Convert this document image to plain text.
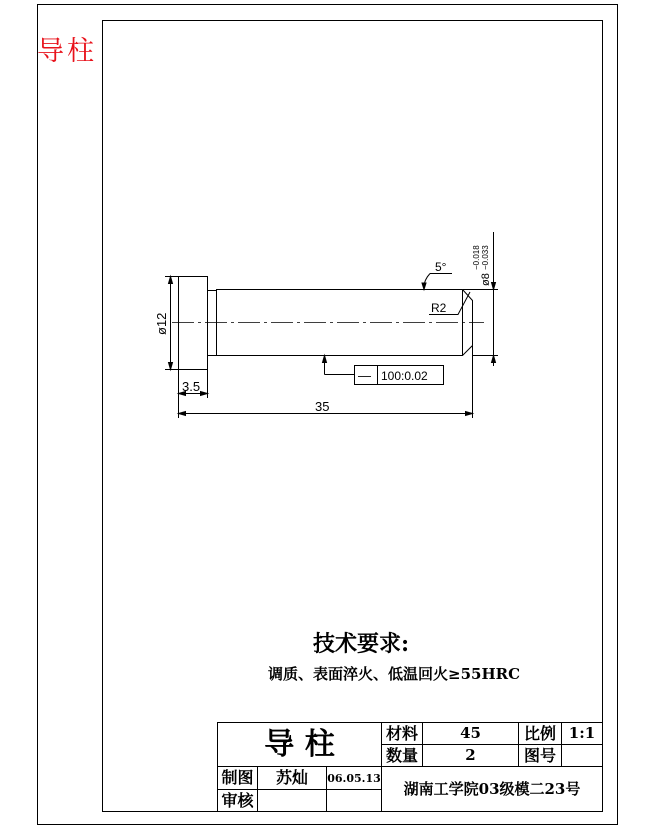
ø12
ø8
−0.018 −0.033
5°
R2
— 100:0.02
3.5
35
导柱
技术要求:
调质、表面淬火、低温回火≥55HRC
导 柱	材料	45	比例 1:1
数量	2	图号
制图	苏灿	06.05.13
审核
湖南工学院03级模二23号
